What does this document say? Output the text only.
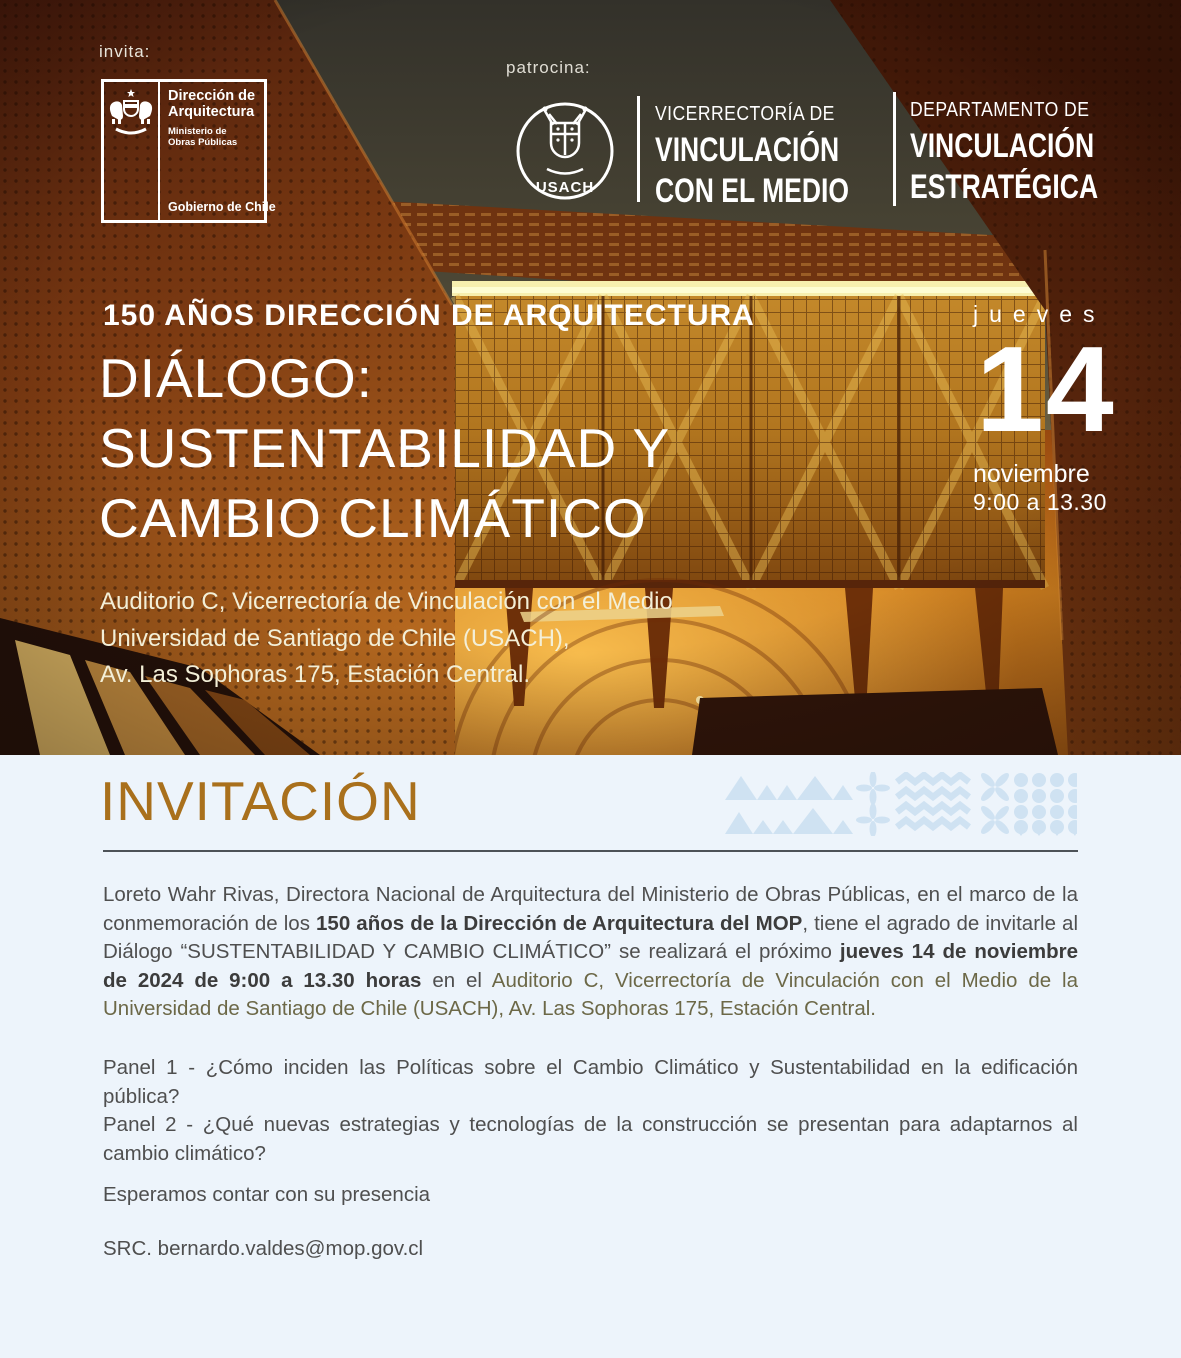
invita:
Dirección de
Arquitectura
Ministerio de
Obras Públicas
Gobierno de Chile
patrocina:
USACH
VICERRECTORÍA DE
VINCULACIÓN
CON EL MEDIO
DEPARTAMENTO DE
VINCULACIÓN
ESTRATÉGICA
150 AÑOS DIRECCIÓN DE ARQUITECTURA
DIÁLOGO:
SUSTENTABILIDAD Y
CAMBIO CLIMÁTICO
jueves
14
noviembre
9:00 a 13.30
Auditorio C, Vicerrectoría de Vinculación con el Medio
Universidad de Santiago de Chile (USACH),
Av. Las Sophoras 175, Estación Central.
INVITACIÓN

Loreto Wahr Rivas, Directora Nacional de Arquitectura del Ministerio de Obras Públicas, en el marco de la conmemoración de los 150 años de la Dirección de Arquitectura del MOP, tiene el agrado de invitarle al Diálogo “SUSTENTABILIDAD Y CAMBIO CLIMÁTICO” se realizará el próximo jueves 14 de noviembre de 2024 de 9:00 a 13.30 horas en el Auditorio C, Vicerrectoría de Vinculación con el Medio de la Universidad de Santiago de Chile (USACH), Av. Las Sophoras 175, Estación Central.

Panel 1 - ¿Cómo inciden las Políticas sobre el Cambio Climático y Sustentabilidad en la edificación pública?

Panel 2 - ¿Qué nuevas estrategias y tecnologías de la construcción se presentan para adaptarnos al cambio climático?

Esperamos contar con su presencia

SRC. bernardo.valdes@mop.gov.cl
